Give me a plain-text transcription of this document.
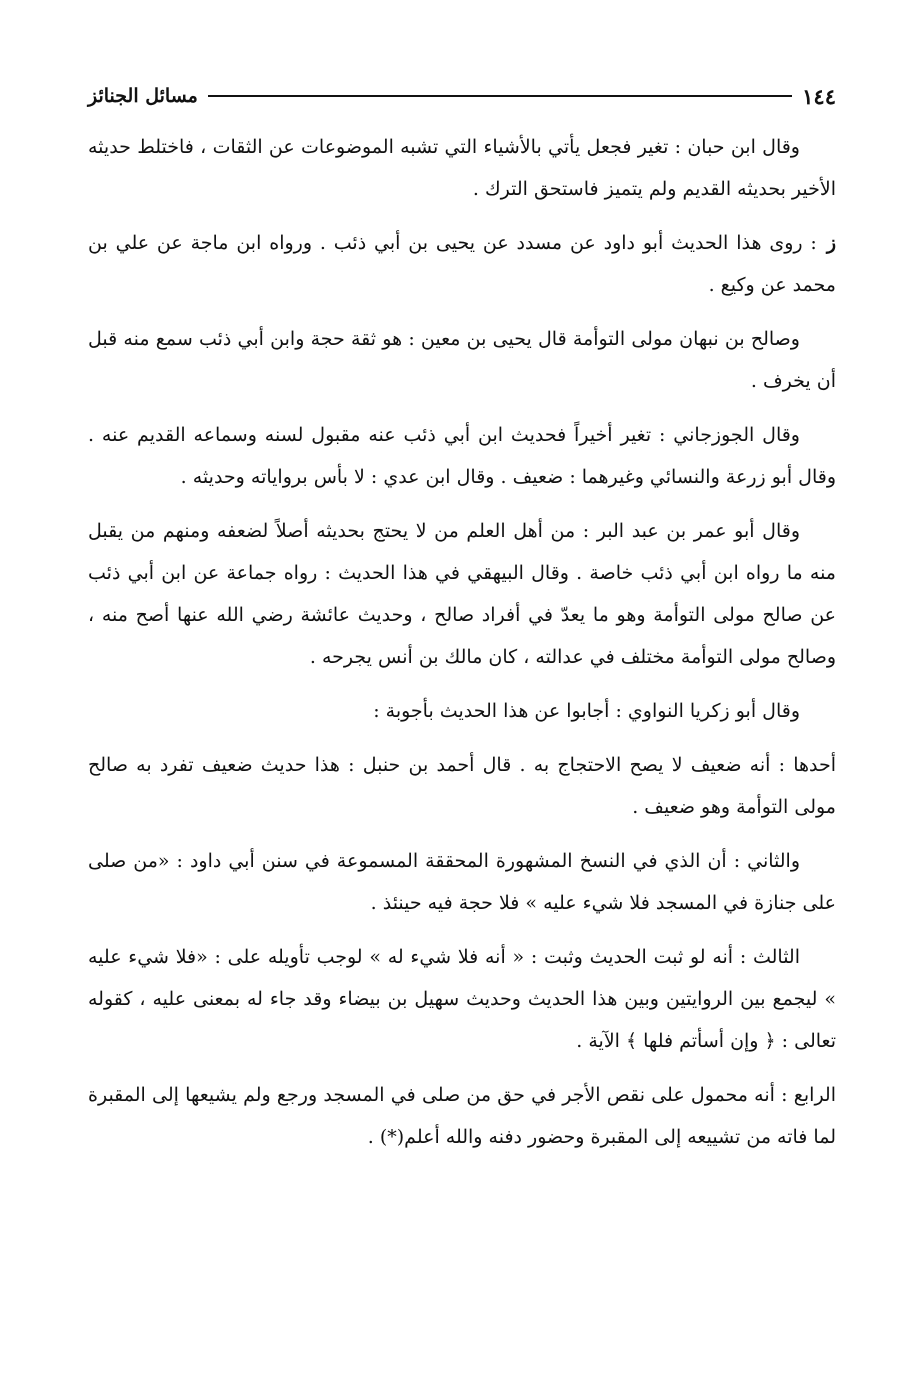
١٤٤
مسائل الجنائز

وقال ابن حبان : تغير فجعل يأتي بالأشياء التي تشبه الموضوعات عن الثقات ، فاختلط حديثه الأخير بحديثه القديم ولم يتميز فاستحق الترك .

ز: روى هذا الحديث أبو داود عن مسدد عن يحيى بن أبي ذئب . ورواه ابن ماجة عن علي بن محمد عن وكيع .

وصالح بن نبهان مولى التوأمة قال يحيى بن معين : هو ثقة حجة وابن أبي ذئب سمع منه قبل أن يخرف .

وقال الجوزجاني : تغير أخيراً فحديث ابن أبي ذئب عنه مقبول لسنه وسماعه القديم عنه . وقال أبو زرعة والنسائي وغيرهما : ضعيف . وقال ابن عدي : لا بأس برواياته وحديثه .

وقال أبو عمر بن عبد البر : من أهل العلم من لا يحتج بحديثه أصلاً لضعفه ومنهم من يقبل منه ما رواه ابن أبي ذئب خاصة . وقال البيهقي في هذا الحديث : رواه جماعة عن ابن أبي ذئب عن صالح مولى التوأمة وهو ما يعدّ في أفراد صالح ، وحديث عائشة رضي الله عنها أصح منه ، وصالح مولى التوأمة مختلف في عدالته ، كان مالك بن أنس يجرحه .

وقال أبو زكريا النواوي : أجابوا عن هذا الحديث بأجوبة :

أحدها : أنه ضعيف لا يصح الاحتجاج به . قال أحمد بن حنبل : هذا حديث ضعيف تفرد به صالح مولى التوأمة وهو ضعيف .

والثاني : أن الذي في النسخ المشهورة المحققة المسموعة في سنن أبي داود : «من صلى على جنازة في المسجد فلا شيء عليه » فلا حجة فيه حينئذ .

الثالث : أنه لو ثبت الحديث وثبت : « أنه فلا شيء له » لوجب تأويله على : «فلا شيء عليه » ليجمع بين الروايتين وبين هذا الحديث وحديث سهيل بن بيضاء وقد جاء له بمعنى عليه ، كقوله تعالى : ﴿ وإن أسأتم فلها ﴾ الآية .

الرابع : أنه محمول على نقص الأجر في حق من صلى في المسجد ورجع ولم يشيعها إلى المقبرة لما فاته من تشييعه إلى المقبرة وحضور دفنه والله أعلم(*) .
